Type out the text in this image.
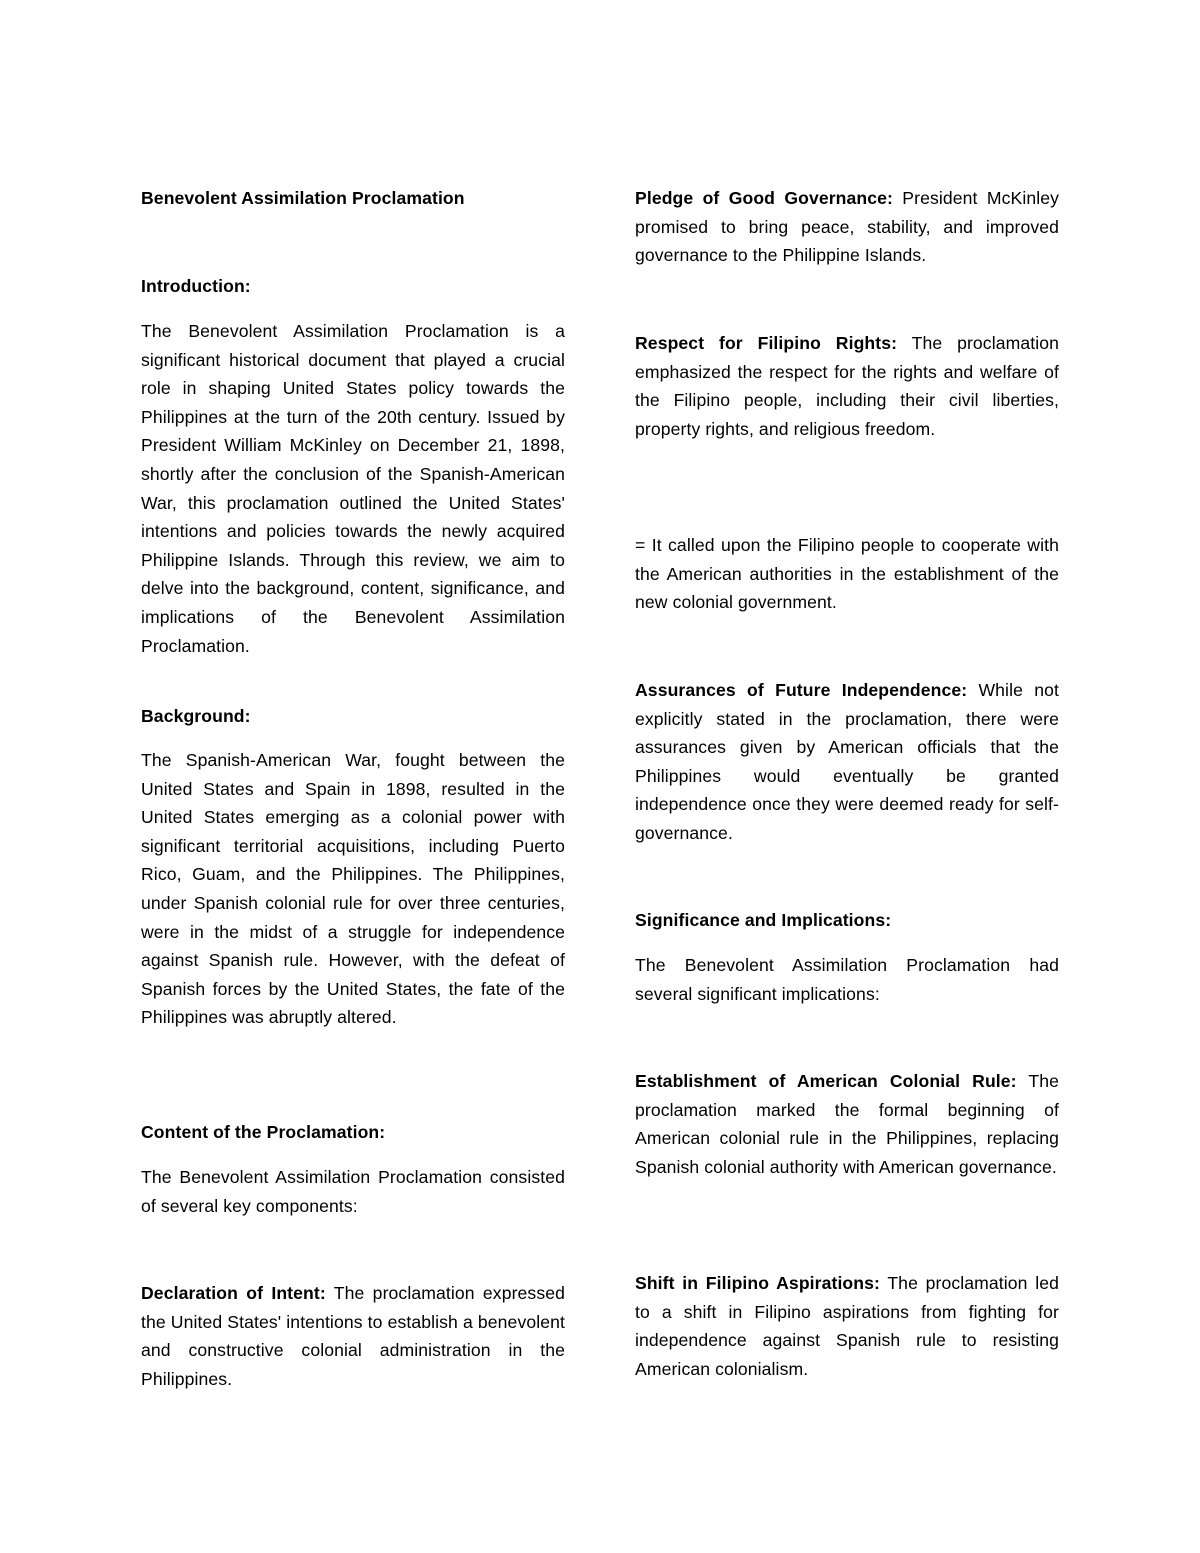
Benevolent Assimilation Proclamation

Introduction:

The Benevolent Assimilation Proclamation is a significant historical document that played a crucial role in shaping United States policy towards the Philippines at the turn of the 20th century. Issued by President William McKinley on December 21, 1898, shortly after the conclusion of the Spanish-American War, this proclamation outlined the United States' intentions and policies towards the newly acquired Philippine Islands. Through this review, we aim to delve into the background, content, significance, and implications of the Benevolent Assimilation Proclamation.

Background:

The Spanish-American War, fought between the United States and Spain in 1898, resulted in the United States emerging as a colonial power with significant territorial acquisitions, including Puerto Rico, Guam, and the Philippines. The Philippines, under Spanish colonial rule for over three centuries, were in the midst of a struggle for independence against Spanish rule. However, with the defeat of Spanish forces by the United States, the fate of the Philippines was abruptly altered.

Content of the Proclamation:

The Benevolent Assimilation Proclamation consisted of several key components:

Declaration of Intent: The proclamation expressed the United States' intentions to establish a benevolent and constructive colonial administration in the Philippines.

Pledge of Good Governance: President McKinley promised to bring peace, stability, and improved governance to the Philippine Islands.

Respect for Filipino Rights: The proclamation emphasized the respect for the rights and welfare of the Filipino people, including their civil liberties, property rights, and religious freedom.

= It called upon the Filipino people to cooperate with the American authorities in the establishment of the new colonial government.

Assurances of Future Independence: While not explicitly stated in the proclamation, there were assurances given by American officials that the Philippines would eventually be granted independence once they were deemed ready for self-governance.

Significance and Implications:

The Benevolent Assimilation Proclamation had several significant implications:

Establishment of American Colonial Rule: The proclamation marked the formal beginning of American colonial rule in the Philippines, replacing Spanish colonial authority with American governance.

Shift in Filipino Aspirations: The proclamation led to a shift in Filipino aspirations from fighting for independence against Spanish rule to resisting American colonialism.
